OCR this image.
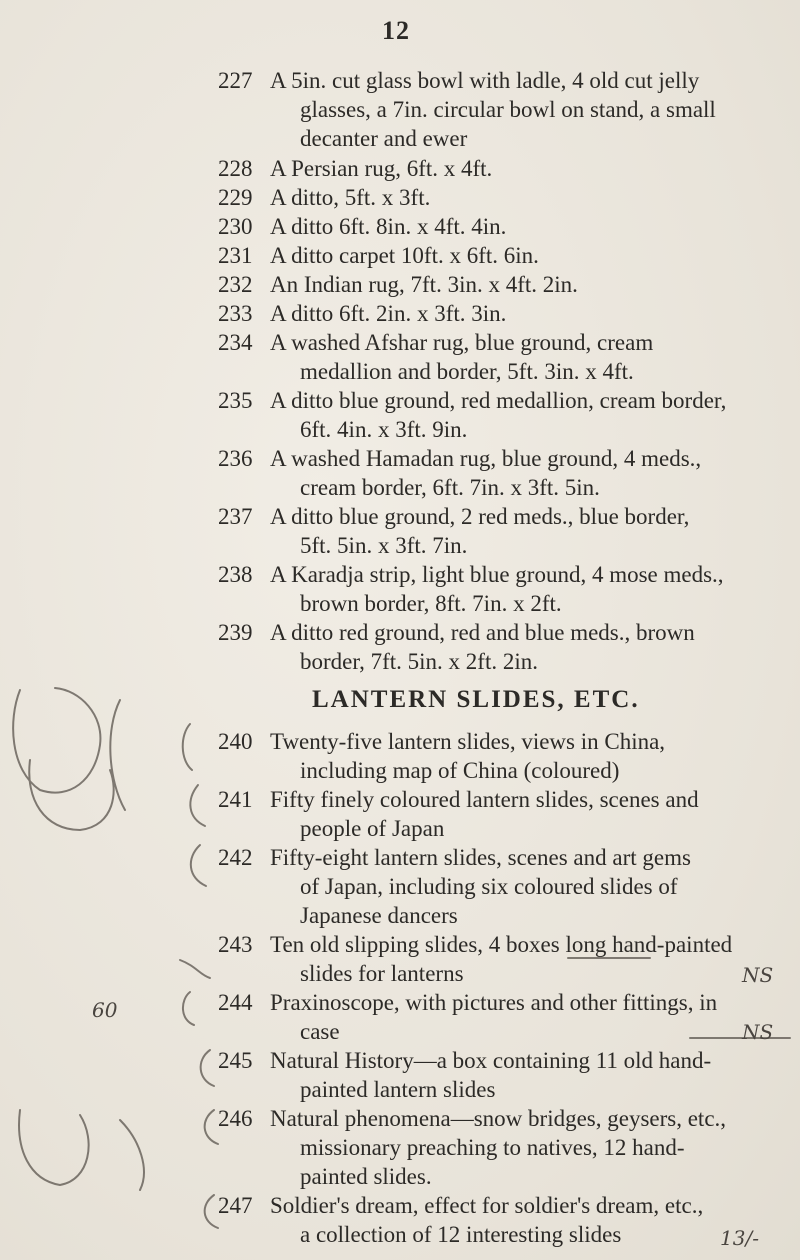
12
227 A 5in. cut glass bowl with ladle, 4 old cut jelly
glasses, a 7in. circular bowl on stand, a small
decanter and ewer
228 A Persian rug, 6ft. x 4ft.
229 A ditto, 5ft. x 3ft.
230 A ditto 6ft. 8in. x 4ft. 4in.
231 A ditto carpet 10ft. x 6ft. 6in.
232 An Indian rug, 7ft. 3in. x 4ft. 2in.
233 A ditto 6ft. 2in. x 3ft. 3in.
234 A washed Afshar rug, blue ground, cream
medallion and border, 5ft. 3in. x 4ft.
235 A ditto blue ground, red medallion, cream border,
6ft. 4in. x 3ft. 9in.
236 A washed Hamadan rug, blue ground, 4 meds.,
cream border, 6ft. 7in. x 3ft. 5in.
237 A ditto blue ground, 2 red meds., blue border,
5ft. 5in. x 3ft. 7in.
LANTERN SLIDES, ETC.
238 A Karadja strip, light blue ground, 4 mose meds.,
brown border, 8ft. 7in. x 2ft.
239 A ditto red ground, red and blue meds., brown
border, 7ft. 5in. x 2ft. 2in.
240 Twenty-five lantern slides, views in China,
including map of China (coloured)
241 Fifty finely coloured lantern slides, scenes and
people of Japan
242 Fifty-eight lantern slides, scenes and art gems
of Japan, including six coloured slides of
Japanese dancers
243 Ten old slipping slides, 4 boxes long hand-painted
slides for lanterns
244 Praxinoscope, with pictures and other fittings, in
case
245 Natural History—a box containing 11 old hand-
painted lantern slides
246 Natural phenomena—snow bridges, geysers, etc.,
missionary preaching to natives, 12 hand-
painted slides.
247 Soldier's dream, effect for soldier's dream, etc.,
a collection of 12 interesting slides
60
NS
NS
13/-
